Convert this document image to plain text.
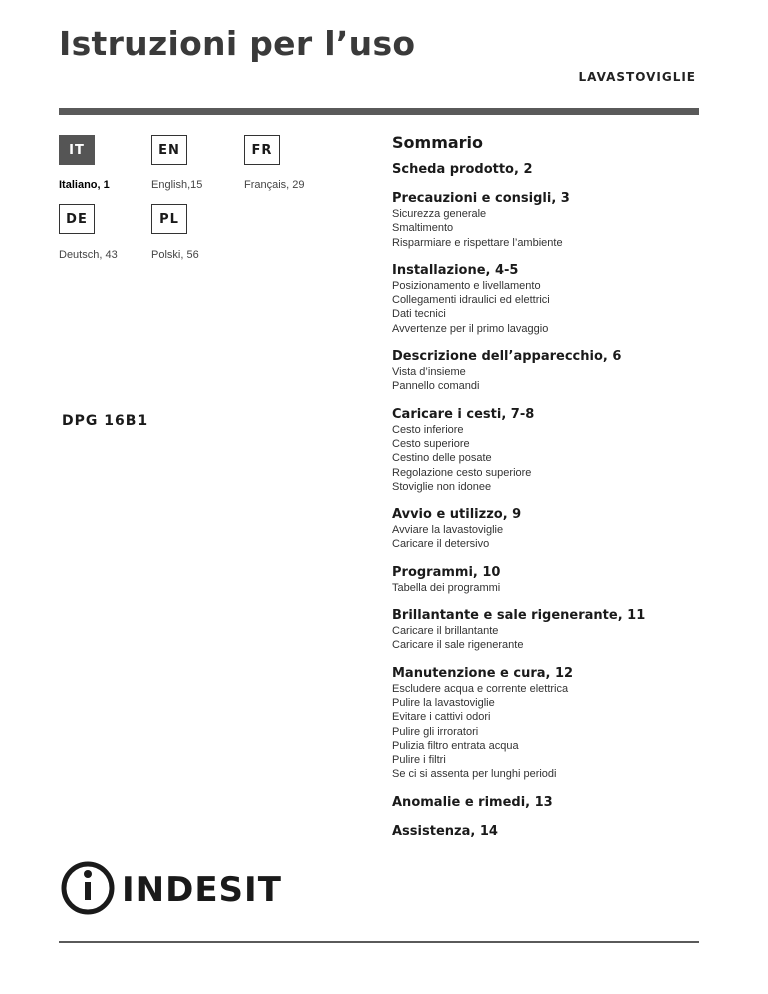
Istruzioni per l’uso
LAVASTOVIGLIE
IT
Italiano, 1
EN
English,15
FR
Français, 29
DE
Deutsch, 43
PL
Polski, 56
DPG 16B1
Sommario
Scheda prodotto, 2
Precauzioni e consigli, 3
Sicurezza generale
Smaltimento
Risparmiare e rispettare l’ambiente
Installazione, 4-5
Posizionamento e livellamento
Collegamenti idraulici ed elettrici
Dati tecnici
Avvertenze per il primo lavaggio
Descrizione dell’apparecchio, 6
Vista d’insieme
Pannello comandi
Caricare i cesti, 7-8
Cesto inferiore
Cesto superiore
Cestino delle posate
Regolazione cesto superiore
Stoviglie non idonee
Avvio e utilizzo, 9
Avviare la lavastoviglie
Caricare il detersivo
Programmi, 10
Tabella dei programmi
Brillantante e sale rigenerante, 11
Caricare il brillantante
Caricare il sale rigenerante
Manutenzione e cura, 12
Escludere acqua e corrente elettrica
Pulire la lavastoviglie
Evitare i cattivi odori
Pulire gli irroratori
Pulizia filtro entrata acqua
Pulire i filtri
Se ci si assenta per lunghi periodi
Anomalie e rimedi, 13
Assistenza, 14
INDESIT
